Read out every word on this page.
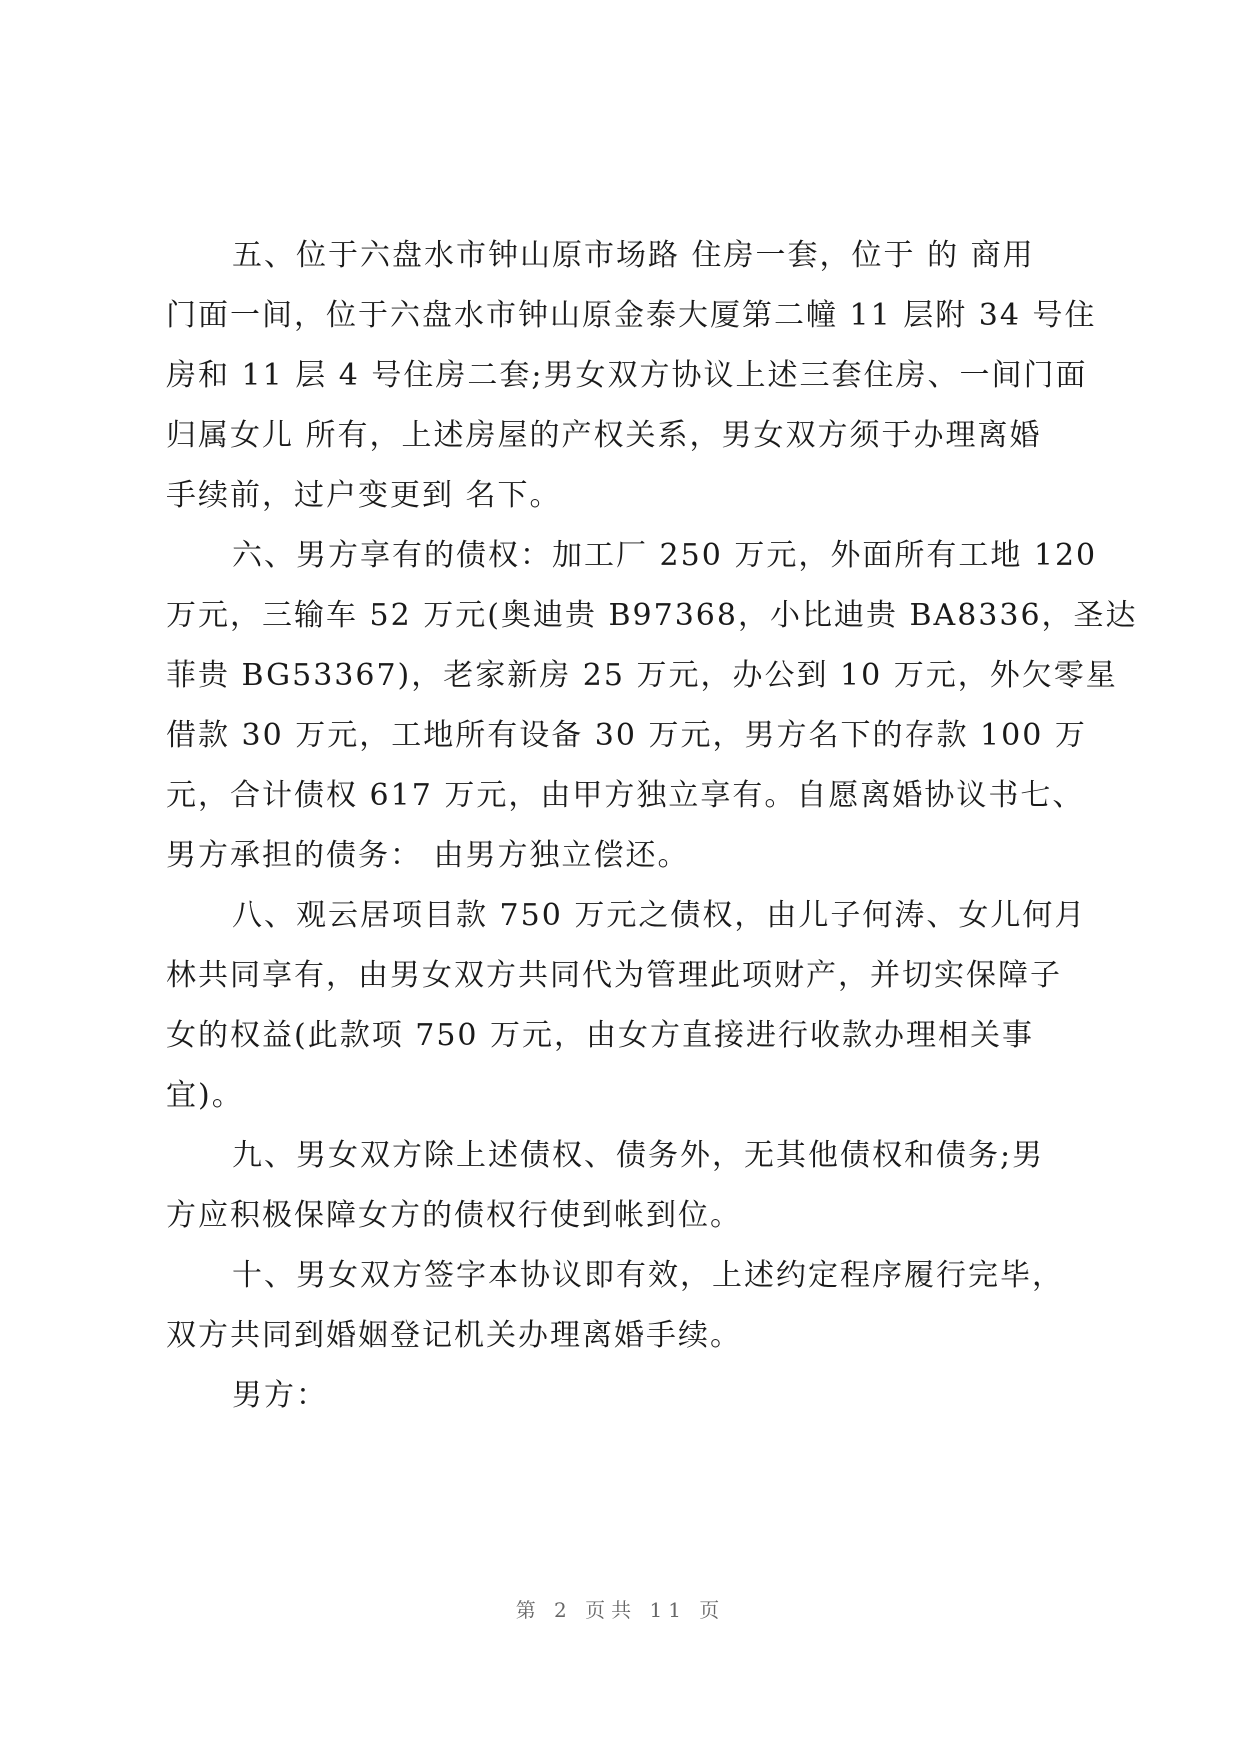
五、位于六盘水市钟山原市场路 住房一套，位于 的 商用
门面一间，位于六盘水市钟山原金泰大厦第二幢 11 层附 34 号住
房和 11 层 4 号住房二套;男女双方协议上述三套住房、一间门面
归属女儿 所有，上述房屋的产权关系，男女双方须于办理离婚
手续前，过户变更到 名下。
六、男方享有的债权：加工厂 250 万元，外面所有工地 120
万元，三输车 52 万元(奥迪贵 B97368，小比迪贵 BA8336，圣达
菲贵 BG53367)，老家新房 25 万元，办公到 10 万元，外欠零星
借款 30 万元，工地所有设备 30 万元，男方名下的存款 100 万
元，合计债权 617 万元，由甲方独立享有。自愿离婚协议书七、
男方承担的债务： 由男方独立偿还。
八、观云居项目款 750 万元之债权，由儿子何涛、女儿何月
林共同享有，由男女双方共同代为管理此项财产，并切实保障子
女的权益(此款项 750 万元，由女方直接进行收款办理相关事
宜)。
九、男女双方除上述债权、债务外，无其他债权和债务;男
方应积极保障女方的债权行使到帐到位。
十、男女双方签字本协议即有效，上述约定程序履行完毕，
双方共同到婚姻登记机关办理离婚手续。
男方：
第 2 页共 11 页
